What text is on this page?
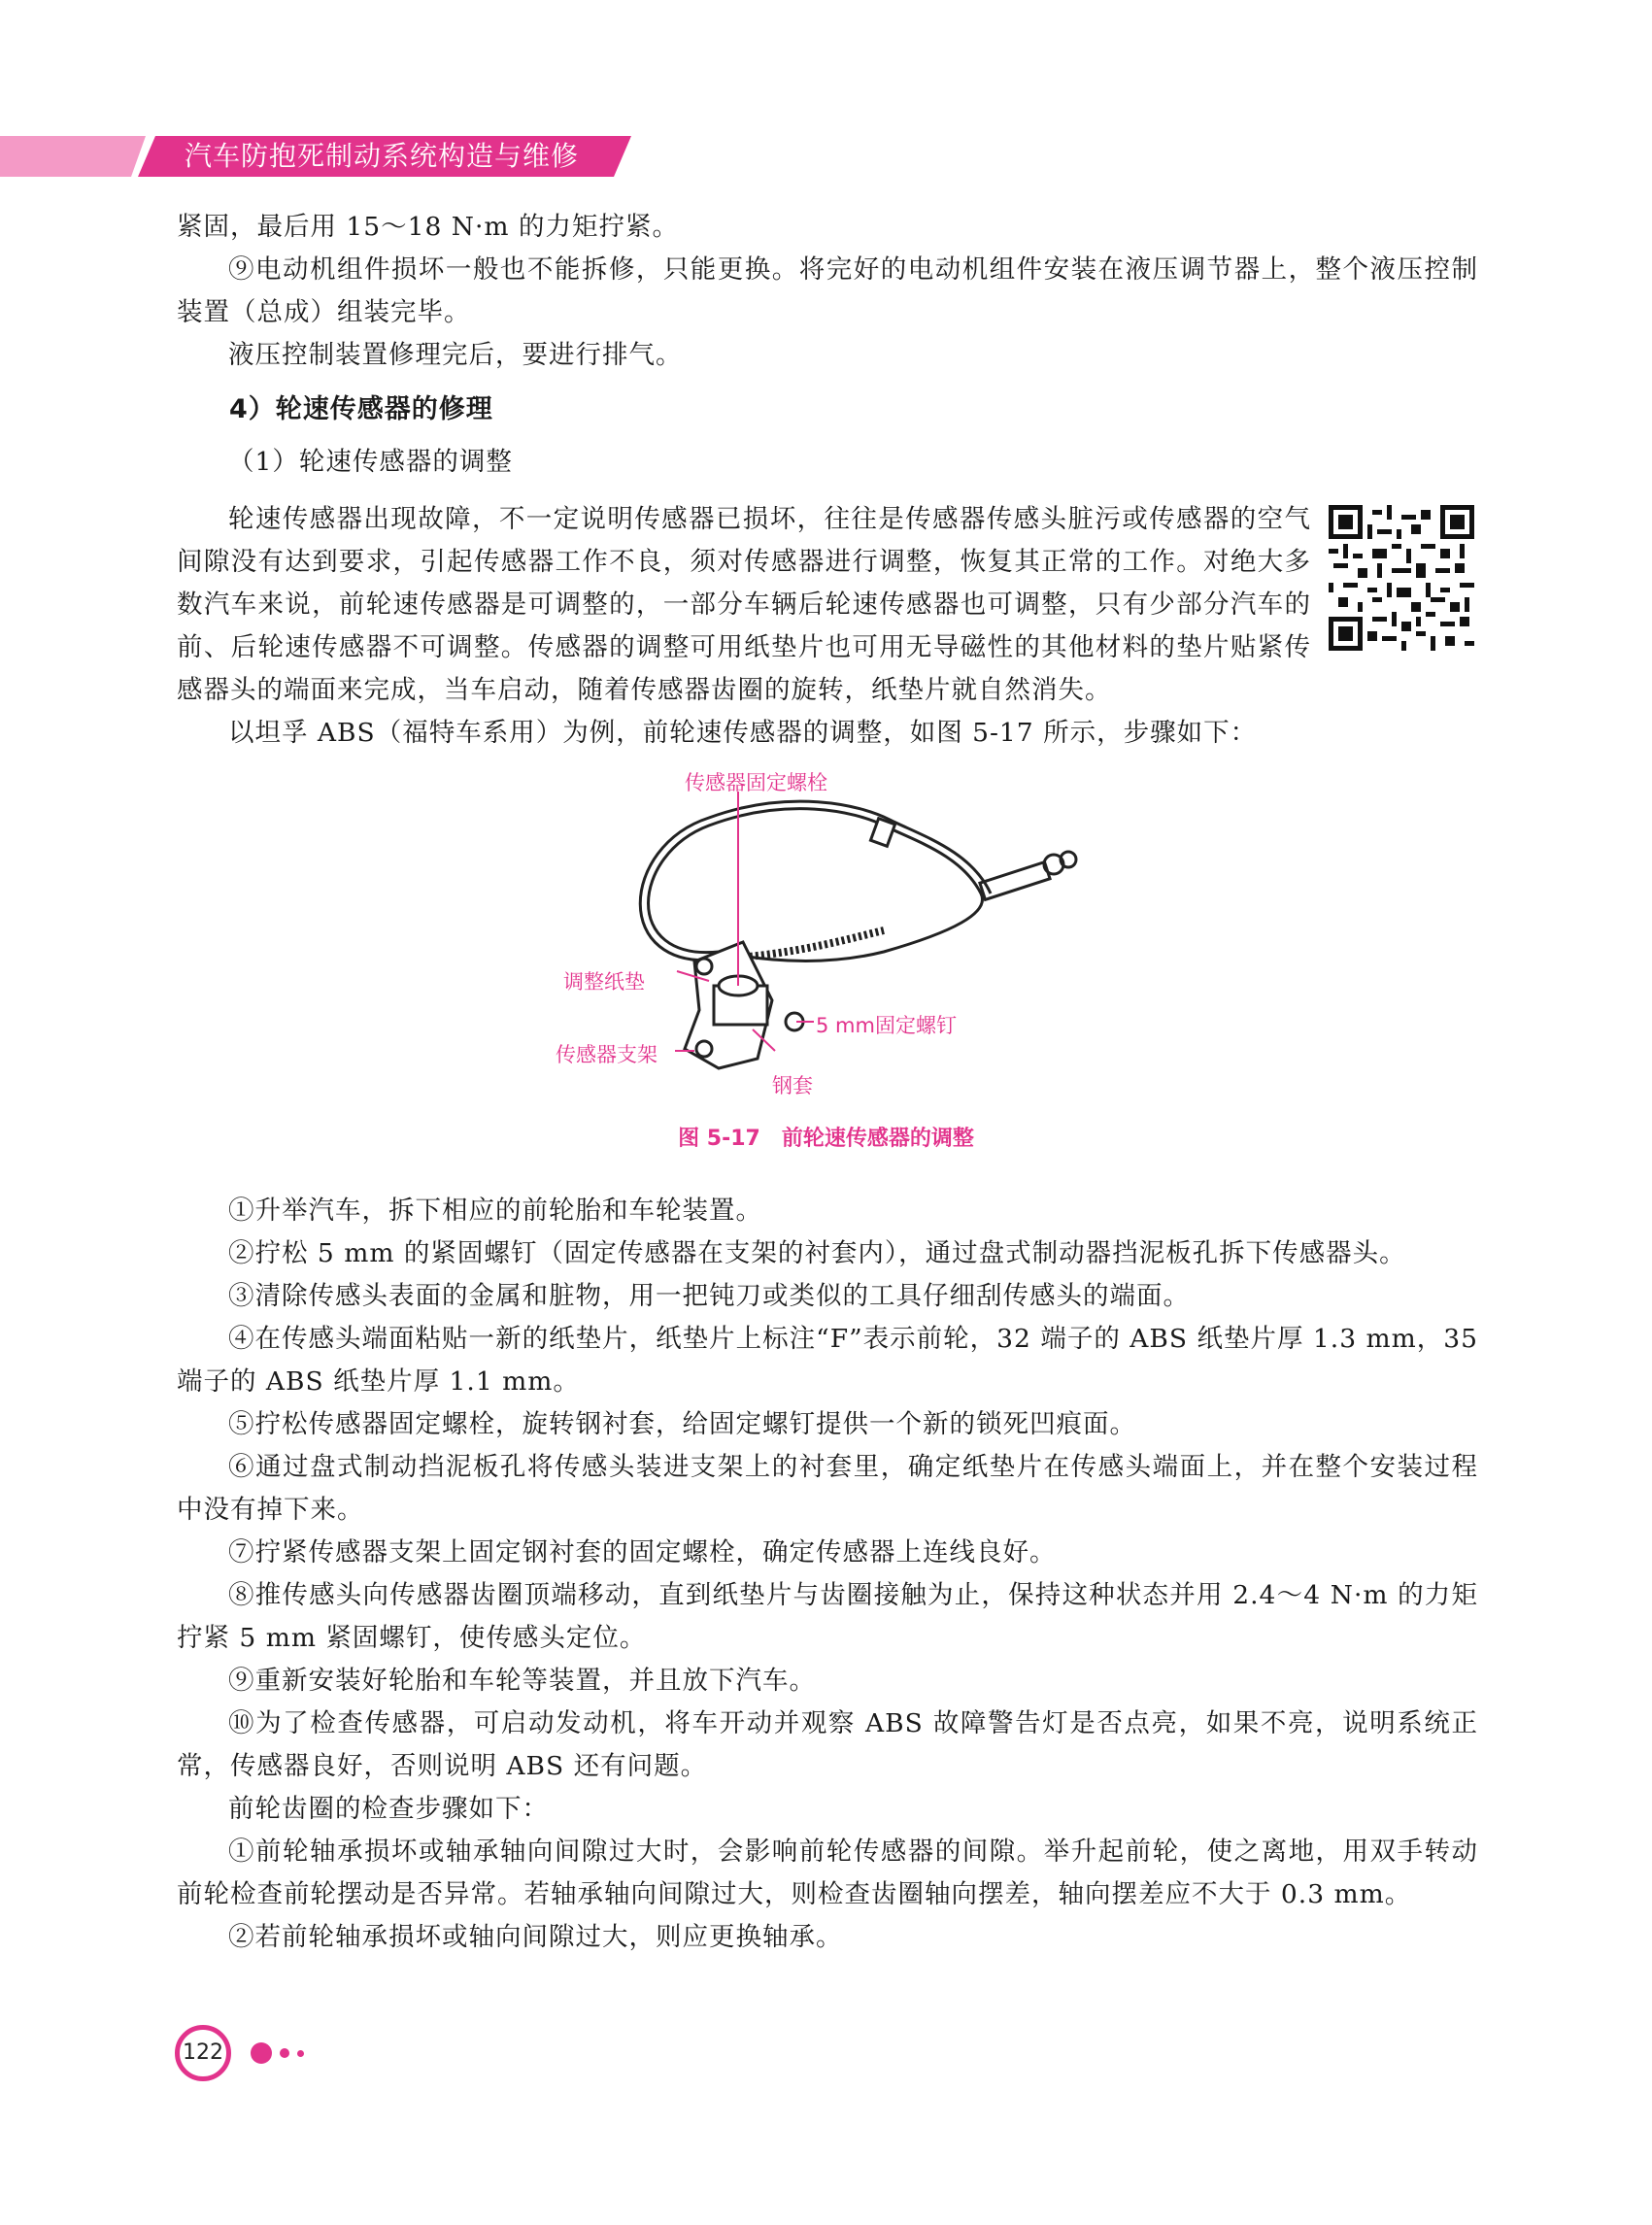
汽车防抱死制动系统构造与维修

紧固，最后用 15～18 N·m 的力矩拧紧。

⑨电动机组件损坏一般也不能拆修，只能更换。将完好的电动机组件安装在液压调节器上，整个液压控制装置（总成）组装完毕。

液压控制装置修理完后，要进行排气。

4）轮速传感器的修理

（1）轮速传感器的调整

轮速传感器出现故障，不一定说明传感器已损坏，往往是传感器传感头脏污或传感器的空气间隙没有达到要求，引起传感器工作不良，须对传感器进行调整，恢复其正常的工作。对绝大多数汽车来说，前轮速传感器是可调整的，一部分车辆后轮速传感器也可调整，只有少部分汽车的前、后轮速传感器不可调整。传感器的调整可用纸垫片也可用无导磁性的其他材料的垫片贴紧传感器头的端面来完成，当车启动，随着传感器齿圈的旋转，纸垫片就自然消失。

以坦孚 ABS（福特车系用）为例，前轮速传感器的调整，如图 5-17 所示，步骤如下：

传感器固定螺栓
调整纸垫
5 mm固定螺钉
传感器支架
钢套
图 5-17　前轮速传感器的调整

①升举汽车，拆下相应的前轮胎和车轮装置。

②拧松 5 mm 的紧固螺钉（固定传感器在支架的衬套内），通过盘式制动器挡泥板孔拆下传感器头。

③清除传感头表面的金属和脏物，用一把钝刀或类似的工具仔细刮传感头的端面。

④在传感头端面粘贴一新的纸垫片，纸垫片上标注“F”表示前轮，32 端子的 ABS 纸垫片厚 1.3 mm，35 端子的 ABS 纸垫片厚 1.1 mm。

⑤拧松传感器固定螺栓，旋转钢衬套，给固定螺钉提供一个新的锁死凹痕面。

⑥通过盘式制动挡泥板孔将传感头装进支架上的衬套里，确定纸垫片在传感头端面上，并在整个安装过程中没有掉下来。

⑦拧紧传感器支架上固定钢衬套的固定螺栓，确定传感器上连线良好。

⑧推传感头向传感器齿圈顶端移动，直到纸垫片与齿圈接触为止，保持这种状态并用 2.4～4 N·m 的力矩拧紧 5 mm 紧固螺钉，使传感头定位。

⑨重新安装好轮胎和车轮等装置，并且放下汽车。

⑩为了检查传感器，可启动发动机，将车开动并观察 ABS 故障警告灯是否点亮，如果不亮，说明系统正常，传感器良好，否则说明 ABS 还有问题。

前轮齿圈的检查步骤如下：

①前轮轴承损坏或轴承轴向间隙过大时，会影响前轮传感器的间隙。举升起前轮，使之离地，用双手转动前轮检查前轮摆动是否异常。若轴承轴向间隙过大，则检查齿圈轴向摆差，轴向摆差应不大于 0.3 mm。

②若前轮轴承损坏或轴向间隙过大，则应更换轴承。

122
